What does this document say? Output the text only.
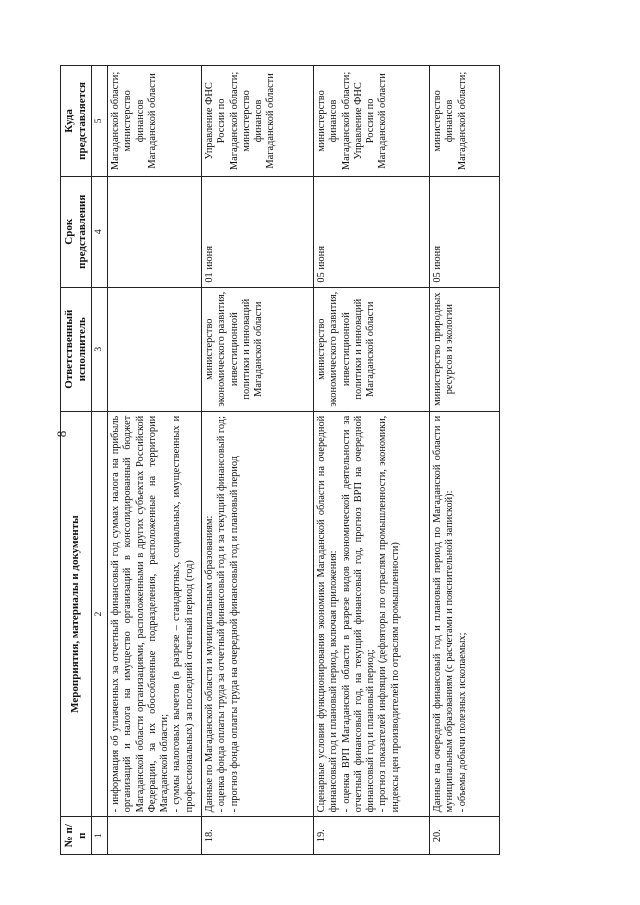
8
№ п/п	Мероприятия, материалы и документы	Ответственный исполнитель	Срок представления	Куда представляется
1	2	3	4	5

	- информация об уплаченных за отчетный финансовый год суммах налога на прибыль организаций и налога на имущество организаций в консолидированный бюджет Магаданской области организациями, расположенными в других субъектах Российской Федерации, за их обособленные подразделения, расположенные на территории Магаданской области; - суммы налоговых вычетов (в разрезе – стандартных, социальных, имущественных и профессиональных) за последний отчетный период (год)			Магаданской области; министерство финансов Магаданской области
18.	Данные по Магаданской области и муниципальным образованиям: - оценка фонда оплаты труда за отчетный финансовый год и за текущий финансовый год; - прогноз фонда оплаты труда на очередной финансовый год и плановый период	министерство экономического развития, инвестиционной политики и инноваций Магаданской области	01 июня	Управление ФНС России по Магаданской области; министерство финансов Магаданской области
19.	Сценарные условия функционирования экономики Магаданской области на очередной финансовый год и плановый период, включая приложения: - оценка ВРП Магаданской области в разрезе видов экономической деятельности за отчетный финансовый год, на текущий финансовый год, прогноз ВРП на очередной финансовый год и плановый период; - прогноз показателей инфляции (дефляторы по отраслям промышленности, экономики, индексы цен производителей по отраслям промышленности)	министерство экономического развития, инвестиционной политики и инноваций Магаданской области	05 июня	министерство финансов Магаданской области; Управление ФНС России по Магаданской области
20.	Данные на очередной финансовый год и плановый период по Магаданской области и муниципальным образованиям (с расчетами и пояснительной запиской): - объемы добычи полезных ископаемых;	министерство природных ресурсов и экологии	05 июня	министерство финансов Магаданской области;
